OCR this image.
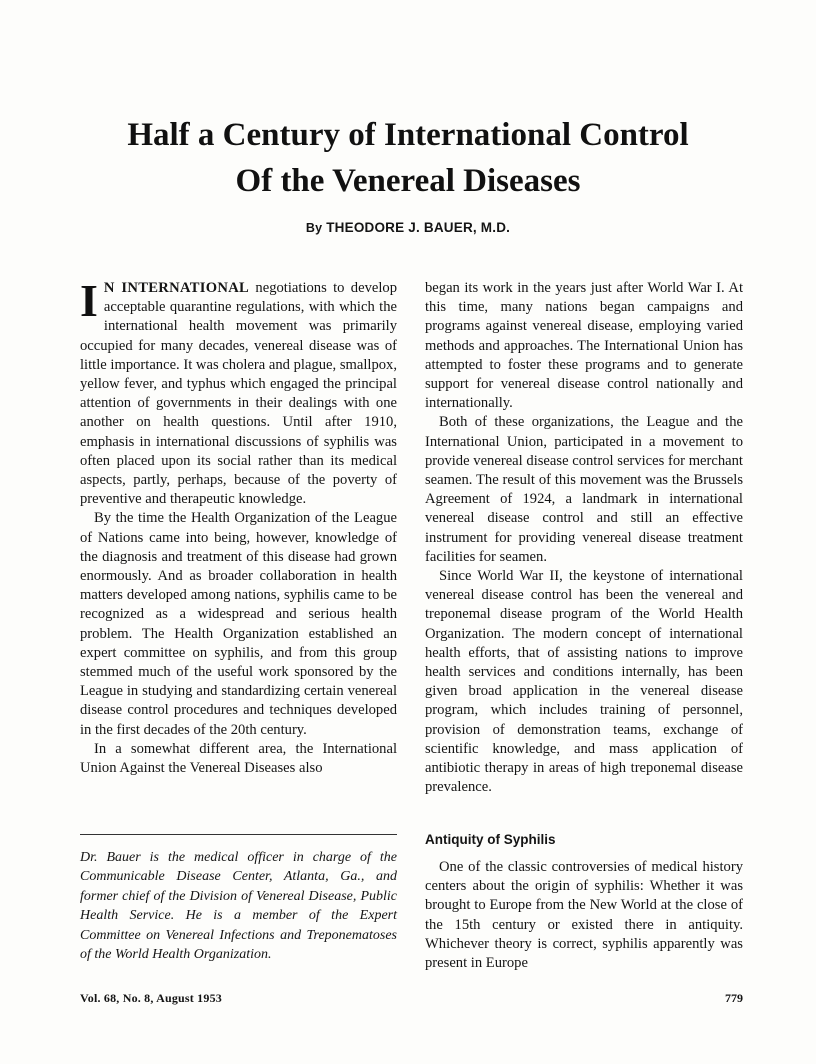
Half a Century of International Control
Of the Venereal Diseases
By THEODORE J. BAUER, M.D.

I N INTERNATIONAL negotiations to develop acceptable quarantine regulations, with which the international health movement was primarily occupied for many decades, venereal disease was of little importance. It was cholera and plague, smallpox, yellow fever, and typhus which engaged the principal attention of governments in their dealings with one another on health questions. Until after 1910, emphasis in international discussions of syphilis was often placed upon its social rather than its medical aspects, partly, perhaps, because of the poverty of preventive and therapeutic knowledge.

By the time the Health Organization of the League of Nations came into being, however, knowledge of the diagnosis and treatment of this disease had grown enormously. And as broader collaboration in health matters developed among nations, syphilis came to be recognized as a widespread and serious health problem. The Health Organization established an expert committee on syphilis, and from this group stemmed much of the useful work sponsored by the League in studying and standardizing certain venereal disease control procedures and techniques developed in the first decades of the 20th century.

In a somewhat different area, the International Union Against the Venereal Diseases also

Dr. Bauer is the medical officer in charge of the Communicable Disease Center, Atlanta, Ga., and former chief of the Division of Venereal Disease, Public Health Service. He is a member of the Expert Committee on Venereal Infections and Treponematoses of the World Health Organization.

began its work in the years just after World War I. At this time, many nations began campaigns and programs against venereal disease, employing varied methods and approaches. The International Union has attempted to foster these programs and to generate support for venereal disease control nationally and internationally.

Both of these organizations, the League and the International Union, participated in a movement to provide venereal disease control services for merchant seamen. The result of this movement was the Brussels Agreement of 1924, a landmark in international venereal disease control and still an effective instrument for providing venereal disease treatment facilities for seamen.

Since World War II, the keystone of international venereal disease control has been the venereal and treponemal disease program of the World Health Organization. The modern concept of international health efforts, that of assisting nations to improve health services and conditions internally, has been given broad application in the venereal disease program, which includes training of personnel, provision of demonstration teams, exchange of scientific knowledge, and mass application of antibiotic therapy in areas of high treponemal disease prevalence.

Antiquity of Syphilis

One of the classic controversies of medical history centers about the origin of syphilis: Whether it was brought to Europe from the New World at the close of the 15th century or existed there in antiquity. Whichever theory is correct, syphilis apparently was present in Europe

Vol. 68, No. 8, August 1953	779
